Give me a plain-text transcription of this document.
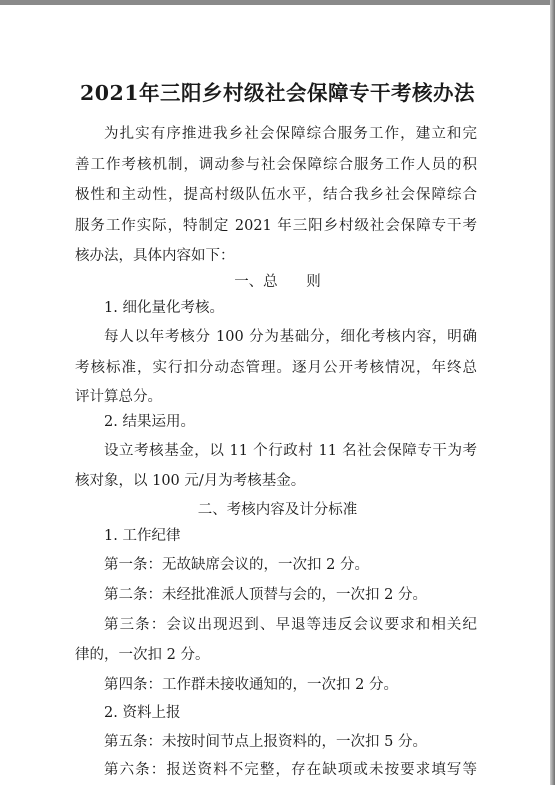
2021年三阳乡村级社会保障专干考核办法
为扎实有序推进我乡社会保障综合服务工作，建立和完
善工作考核机制，调动参与社会保障综合服务工作人员的积
极性和主动性，提高村级队伍水平，结合我乡社会保障综合
服务工作实际，特制定 2021 年三阳乡村级社会保障专干考
核办法，具体内容如下：
一、总 则
1. 细化量化考核。
每人以年考核分 100 分为基础分，细化考核内容，明确
考核标准，实行扣分动态管理。逐月公开考核情况，年终总
评计算总分。
2. 结果运用。
设立考核基金，以 11 个行政村 11 名社会保障专干为考
核对象，以 100 元/月为考核基金。
二、考核内容及计分标准
1. 工作纪律
第一条：无故缺席会议的，一次扣 2 分。
第二条：未经批准派人顶替与会的，一次扣 2 分。
第三条：会议出现迟到、早退等违反会议要求和相关纪
律的，一次扣 2 分。
第四条：工作群未接收通知的，一次扣 2 分。
2. 资料上报
第五条：未按时间节点上报资料的，一次扣 5 分。
第六条：报送资料不完整，存在缺项或未按要求填写等
